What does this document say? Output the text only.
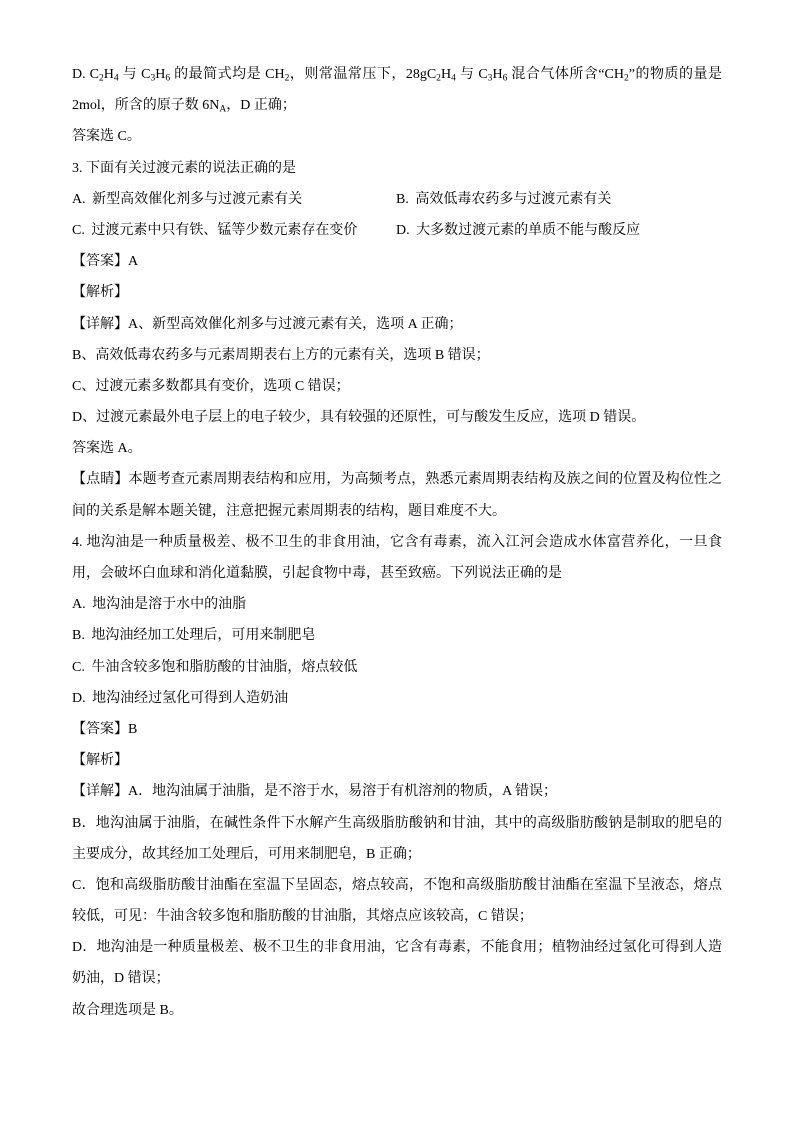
D. $C_2H_4$ 与 $C_3H_6$ 的最简式均是 $CH_2$，则常温常压下，$28gC_2H_4$ 与 $C_3H_6$ 混合气体所含“$CH_2$”的物质的量是
2mol，所含的原子数 $6N_A$，D 正确；
答案选 C。
3. 下面有关过渡元素的说法正确的是
A. 新型高效催化剂多与过渡元素有关	B. 高效低毒农药多与过渡元素有关
C. 过渡元素中只有铁、锰等少数元素存在变价	D. 大多数过渡元素的单质不能与酸反应
【答案】A
【解析】
【详解】A、新型高效催化剂多与过渡元素有关，选项 A 正确；
B、高效低毒农药多与元素周期表右上方的元素有关，选项 B 错误；
C、过渡元素多数都具有变价，选项 C 错误；
D、过渡元素最外电子层上的电子较少，具有较强的还原性，可与酸发生反应，选项 D 错误。
答案选 A。
【点睛】本题考查元素周期表结构和应用，为高频考点，熟悉元素周期表结构及族之间的位置及构位性之
间的关系是解本题关键，注意把握元素周期表的结构，题目难度不大。
4. 地沟油是一种质量极差、极不卫生的非食用油，它含有毒素，流入江河会造成水体富营养化，一旦食
用，会破坏白血球和消化道黏膜，引起食物中毒，甚至致癌。下列说法正确的是
A. 地沟油是溶于水中的油脂
B. 地沟油经加工处理后，可用来制肥皂
C. 牛油含较多饱和脂肪酸的甘油脂，熔点较低
D. 地沟油经过氢化可得到人造奶油
【答案】B
【解析】
【详解】A．地沟油属于油脂，是不溶于水，易溶于有机溶剂的物质，A 错误；
B．地沟油属于油脂，在碱性条件下水解产生高级脂肪酸钠和甘油，其中的高级脂肪酸钠是制取的肥皂的
主要成分，故其经加工处理后，可用来制肥皂，B 正确；
C．饱和高级脂肪酸甘油酯在室温下呈固态，熔点较高，不饱和高级脂肪酸甘油酯在室温下呈液态，熔点
较低，可见：牛油含较多饱和脂肪酸的甘油脂，其熔点应该较高，C 错误；
D．地沟油是一种质量极差、极不卫生的非食用油，它含有毒素，不能食用；植物油经过氢化可得到人造
奶油，D 错误；
故合理选项是 B。
